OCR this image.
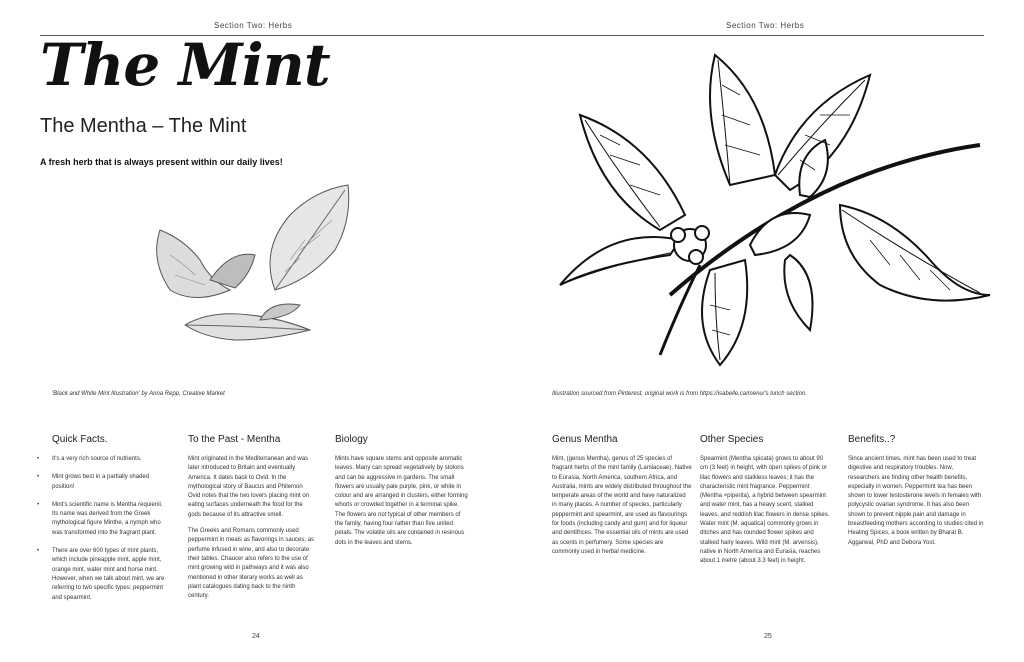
Section Two: Herbs
The Mint
The Mentha – The Mint
A fresh herb that is always present within our daily lives!
'Black and White Mint Illustration' by Anna Repp, Creative Market
Quick Facts.
• It's a very rich source of nutrients.
• Mint grows best in a partially shaded position!
• Mint's scientific name is Mentha requienii. Its name was derived from the Greek mythological figure Minthe, a nymph who was transformed into the fragrant plant.
• There are over 600 types of mint plants, which include pineapple mint, apple mint, orange mint, water mint and horse mint. However, when we talk about mint, we are referring to two specific types: peppermint and spearmint.
To the Past - Mentha

Mint originated in the Mediterranean and was later introduced to Britain and eventually America. It dates back to Ovid. In the mythological story of Baucus and Philemon Ovid notes that the two lovers placing mint on eating surfaces underneath the food for the gods because of its attractive smell.

The Greeks and Romans commonly used peppermint in meals as flavorings in sauces, as perfume infused in wine, and also to decorate their tables. Chaucer also refers to the use of mint growing wild in pathways and it was also mentioned in other literary works as well as plant catalogues dating back to the ninth century.

Biology

Mints have square stems and opposite aromatic leaves. Many can spread vegetatively by stolons and can be aggressive in gardens. The small flowers are usually pale purple, pink, or white in colour and are arranged in clusters, either forming whorls or crowded together in a terminal spike. The flowers are not typical of other members of the family, having four rather than five united petals. The volatile oils are contained in resinous dots in the leaves and stems.

24
Section Two: Herbs
Illustration sourced from Pinterest, original work is from https://isabelle.ca/menu/'s lunch section.
Genus Mentha

Mint, (genus Mentha), genus of 25 species of fragrant herbs of the mint family (Lamiaceae). Native to Eurasia, North America, southern Africa, and Australia, mints are widely distributed throughout the temperate areas of the world and have naturalized in many places. A number of species, particularly peppermint and spearmint, are used as flavourings for foods (including candy and gum) and for liqueur and dentifrices. The essential oils of mints are used as scents in perfumery. Some species are commonly used in herbal medicine.

Other Species

Spearmint (Mentha spicata) grows to about 90 cm (3 feet) in height, with open spikes of pink or lilac flowers and stalkless leaves; it has the characteristic mint fragrance. Peppermint (Mentha ×piperita), a hybrid between spearmint and water mint, has a heavy scent, stalked leaves, and reddish lilac flowers in dense spikes. Water mint (M. aquatica) commonly grows in ditches and has rounded flower spikes and stalked hairy leaves. Wild mint (M. arvensis), native in North America and Eurasia, reaches about 1 metre (about 3.3 feet) in height.

Benefits..?

Since ancient times, mint has been used to treat digestive and respiratory troubles. Now, researchers are finding other health benefits, especially in women. Peppermint tea has been shown to lower testosterone levels in females with polycystic ovarian syndrome. It has also been shown to prevent nipple pain and damage in breastfeeding mothers according to studies cited in Healing Spices, a book written by Bharat B. Aggarwal, PhD and Debora Yost.

25
